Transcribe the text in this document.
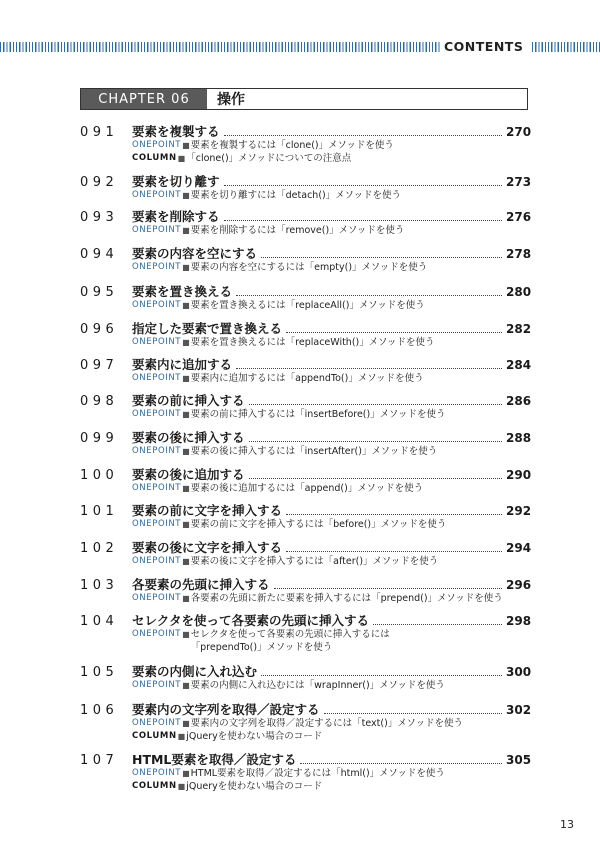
CONTENTS
CHAPTER 06	操作
091	要素を複製する	270
ONEPOINT ■ 要素を複製するには「clone()」メソッドを使う
COLUMN ■ 「clone()」メソッドについての注意点
092	要素を切り離す	273
ONEPOINT ■ 要素を切り離すには「detach()」メソッドを使う
093	要素を削除する	276
ONEPOINT ■ 要素を削除するには「remove()」メソッドを使う
094	要素の内容を空にする	278
ONEPOINT ■ 要素の内容を空にするには「empty()」メソッドを使う
095	要素を置き換える	280
ONEPOINT ■ 要素を置き換えるには「replaceAll()」メソッドを使う
096	指定した要素で置き換える	282
ONEPOINT ■ 要素を置き換えるには「replaceWith()」メソッドを使う
097	要素内に追加する	284
ONEPOINT ■ 要素内に追加するには「appendTo()」メソッドを使う
098	要素の前に挿入する	286
ONEPOINT ■ 要素の前に挿入するには「insertBefore()」メソッドを使う
099	要素の後に挿入する	288
ONEPOINT ■ 要素の後に挿入するには「insertAfter()」メソッドを使う
100	要素の後に追加する	290
ONEPOINT ■ 要素の後に追加するには「append()」メソッドを使う
101	要素の前に文字を挿入する	292
ONEPOINT ■ 要素の前に文字を挿入するには「before()」メソッドを使う
102	要素の後に文字を挿入する	294
ONEPOINT ■ 要素の後に文字を挿入するには「after()」メソッドを使う
103	各要素の先頭に挿入する	296
ONEPOINT ■ 各要素の先頭に新たに要素を挿入するには「prepend()」メソッドを使う
104	セレクタを使って各要素の先頭に挿入する	298
ONEPOINT ■ セレクタを使って各要素の先頭に挿入するには
「prependTo()」メソッドを使う
105	要素の内側に入れ込む	300
ONEPOINT ■ 要素の内側に入れ込むには「wrapInner()」メソッドを使う
106	要素内の文字列を取得／設定する	302
ONEPOINT ■ 要素内の文字列を取得／設定するには「text()」メソッドを使う
COLUMN ■ jQueryを使わない場合のコード
107	HTML要素を取得／設定する	305
ONEPOINT ■ HTML要素を取得／設定するには「html()」メソッドを使う
COLUMN ■ jQueryを使わない場合のコード
13
